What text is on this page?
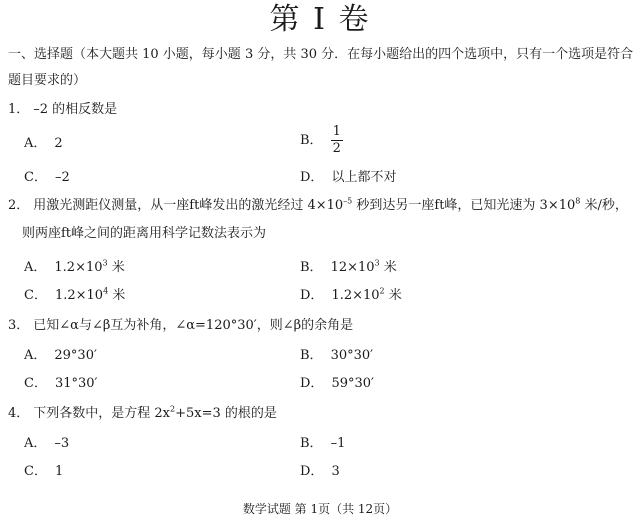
第 I 卷
一、选择题（本大题共 10 小题，每小题 3 分，共 30 分．在每小题给出的四个选项中，只有一个选项是符合题目要求的）
1． –2 的相反数是
A． 2	B． $\frac{1}{2}$
C． –2	D． 以上都不对
2． 用激光测距仪测量，从一座ft峰发出的激光经过 $4\times 10^{-5}$ 秒到达另一座ft峰，已知光速为 $3\times 10^8$ 米/秒，
则两座ft峰之间的距离用科学记数法表示为
A． $1.2\times 10^3$ 米	B． $12\times 10^3$ 米
C． $1.2\times 10^4$ 米	D． $1.2\times 10^2$ 米
3． 已知∠α与∠β互为补角，∠α=120°30′，则∠β的余角是
A． 29°30′	B． 30°30′
C． 31°30′	D． 59°30′
4． 下列各数中，是方程 $2x^2+5x=3$ 的根的是
A． –3	B． –1
C． 1	D． 3
数学试题 第 1页（共 12页）
